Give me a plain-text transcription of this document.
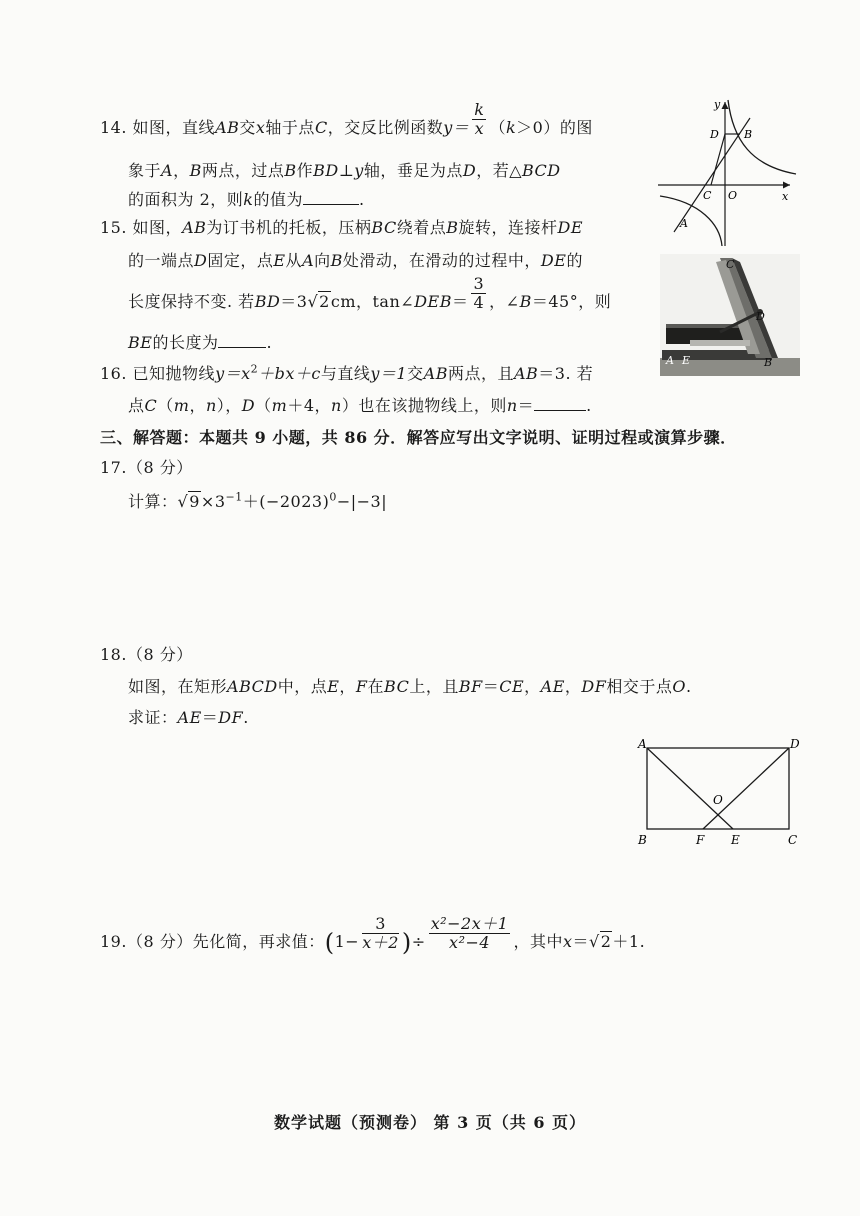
14. 如图，直线AB交x轴于点C，交反比例函数$y= \frac{k}{x} (k>0)$的图
象于A，B两点，过点B作BD⊥y轴，垂足为点D，若△BCD
的面积为 2，则k的值为	.
y
D B
C O	x
A
15. 如图，AB为订书机的托板，压柄BC绕着点B旋转，连接杆DE
的一端点D固定，点E从A向B处滑动，在滑动的过程中，DE的
长度保持不变. 若BD＝3√2cm，tan∠DEB＝ $\frac{3}{4}$ ，∠B＝45°，则
BE的长度为	.
C
D
A E	B
16. 已知抛物线$y=x^2+bx+c$与直线y＝1交AB两点，且AB＝3. 若
点C（m，n），D（m＋4，n）也在该抛物线上，则n＝	.
三、解答题：本题共 9 小题，共 86 分．解答应写出文字说明、证明过程或演算步骤．
17.（8 分）
计算：$√9\times 3^{-1}+(-2023)^0-|-3|$
18.（8 分）
如图，在矩形ABCD中，点E，F在BC上，且BF＝CE，AE，DF相交于点O.
求证：AE＝DF.
A	D
O
B	F E	C
19.（8 分）先化简，再求值：($1- \frac{3}{x+2}$ )÷ $\frac{\text{x²−2x＋1}}{\text{x²−4}}$ ，其中x＝√2＋1.
数学试题（预测卷） 第 3 页（共 6 页）
